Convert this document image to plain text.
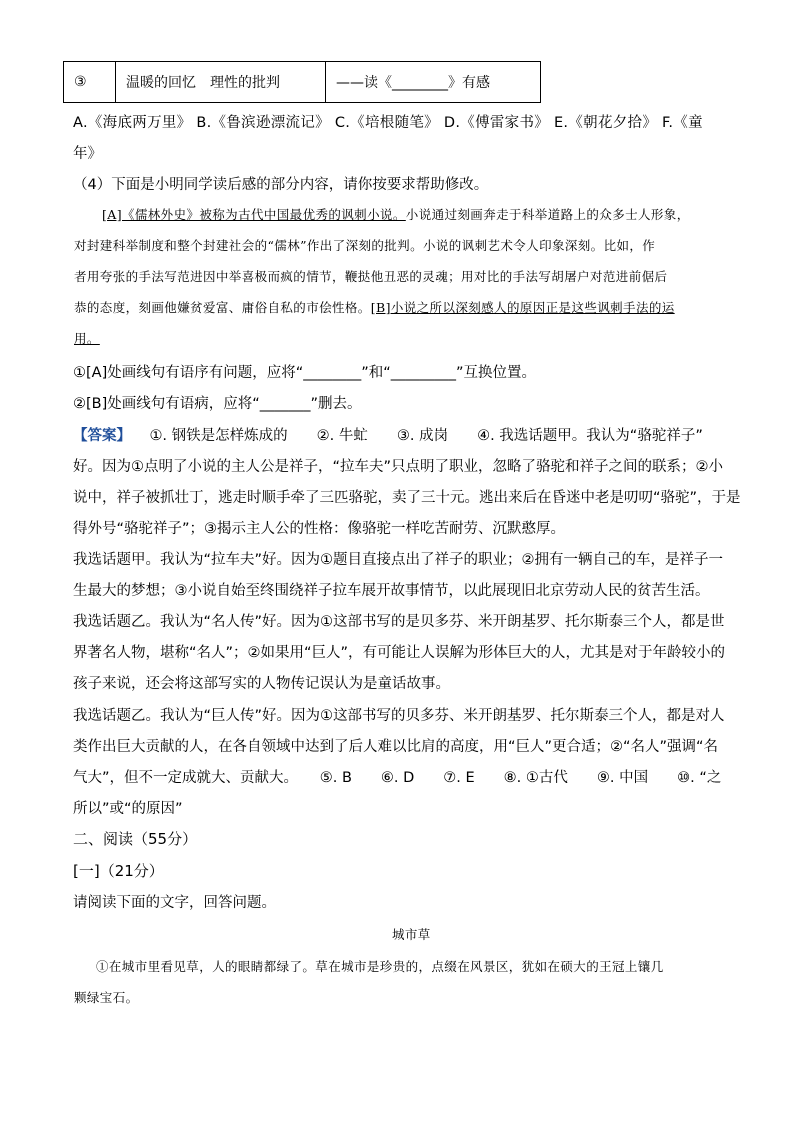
③	温暖的回忆　理性的批判	——读《________》有感
A.《海底两万里》 B.《鲁滨逊漂流记》 C.《培根随笔》 D.《傅雷家书》 E.《朝花夕拾》 F.《童
年》
（4）下面是小明同学读后感的部分内容，请你按要求帮助修改。
[A]《儒林外史》被称为古代中国最优秀的讽刺小说。小说通过刻画奔走于科举道路上的众多士人形象，
对封建科举制度和整个封建社会的“儒林”作出了深刻的批判。小说的讽刺艺术令人印象深刻。比如，作
者用夸张的手法写范进因中举喜极而疯的情节，鞭挞他丑恶的灵魂；用对比的手法写胡屠户对范进前倨后
恭的态度，刻画他嫌贫爱富、庸俗自私的市侩性格。[B]小说之所以深刻感人的原因正是这些讽刺手法的运
用。
①[A]处画线句有语序有问题，应将“________”和“_________”互换位置。
②[B]处画线句有语病，应将“_______”删去。
【答案】 ①. 钢铁是怎样炼成的　　②. 牛虻　　③. 成岗　　④. 我选话题甲。我认为“骆驼祥子”
好。因为①点明了小说的主人公是祥子，“拉车夫”只点明了职业，忽略了骆驼和祥子之间的联系；②小
说中，祥子被抓壮丁，逃走时顺手牵了三匹骆驼，卖了三十元。逃出来后在昏迷中老是叨叨“骆驼”，于是
得外号“骆驼祥子”；③揭示主人公的性格：像骆驼一样吃苦耐劳、沉默憨厚。
我选话题甲。我认为“拉车夫”好。因为①题目直接点出了祥子的职业；②拥有一辆自己的车，是祥子一
生最大的梦想；③小说自始至终围绕祥子拉车展开故事情节，以此展现旧北京劳动人民的贫苦生活。
我选话题乙。我认为“名人传”好。因为①这部书写的是贝多芬、米开朗基罗、托尔斯泰三个人，都是世
界著名人物，堪称“名人”；②如果用“巨人”，有可能让人误解为形体巨大的人，尤其是对于年龄较小的
孩子来说，还会将这部写实的人物传记误认为是童话故事。
我选话题乙。我认为“巨人传”好。因为①这部书写的贝多芬、米开朗基罗、托尔斯泰三个人，都是对人
类作出巨大贡献的人，在各自领域中达到了后人难以比肩的高度，用“巨人”更合适；②“名人”强调“名
气大”，但不一定成就大、贡献大。　　⑤. B　　⑥. D　　⑦. E　　⑧. ①古代　　⑨. 中国　　⑩. “之
所以”或“的原因”
二、阅读（55分）
[一]（21分）
请阅读下面的文字，回答问题。
城市草
①在城市里看见草，人的眼睛都绿了。草在城市是珍贵的，点缀在风景区，犹如在硕大的王冠上镶几
颗绿宝石。
